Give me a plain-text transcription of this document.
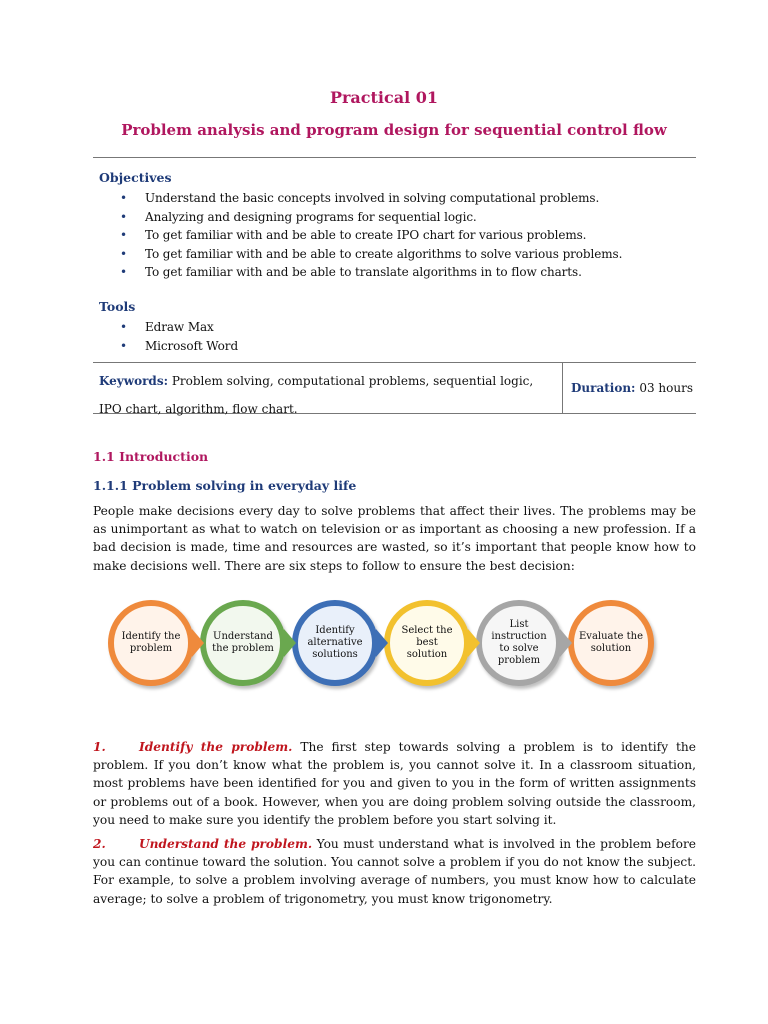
Practical 01
Problem analysis and program design for sequential control flow
Objectives
• Understand the basic concepts involved in solving computational problems.
• Analyzing and designing programs for sequential logic.
• To get familiar with and be able to create IPO chart for various problems.
• To get familiar with and be able to create algorithms to solve various problems.
• To get familiar with and be able to translate algorithms in to flow charts.
Tools
• Edraw Max
• Microsoft Word
Keywords: Problem solving, computational problems, sequential logic, IPO chart, algorithm, flow chart.
Duration: 03 hours
1.1 Introduction
1.1.1 Problem solving in everyday life
People make decisions every day to solve problems that affect their lives. The problems may be as unimportant as what to watch on television or as important as choosing a new profession. If a bad decision is made, time and resources are wasted, so it’s important that people know how to make decisions well. There are six steps to follow to ensure the best decision:
Identify the problem
Understand the problem
Identify alternative solutions
Select the best solution
List instruction to solve problem
Evaluate the solution
1.	Identify the problem. The first step towards solving a problem is to identify the problem. If you don’t know what the problem is, you cannot solve it. In a classroom situation, most problems have been identified for you and given to you in the form of written assignments or problems out of a book. However, when you are doing problem solving outside the classroom, you need to make sure you identify the problem before you start solving it.
2.	Understand the problem. You must understand what is involved in the problem before you can continue toward the solution. You cannot solve a problem if you do not know the subject. For example, to solve a problem involving average of numbers, you must know how to calculate average; to solve a problem of trigonometry, you must know trigonometry.
